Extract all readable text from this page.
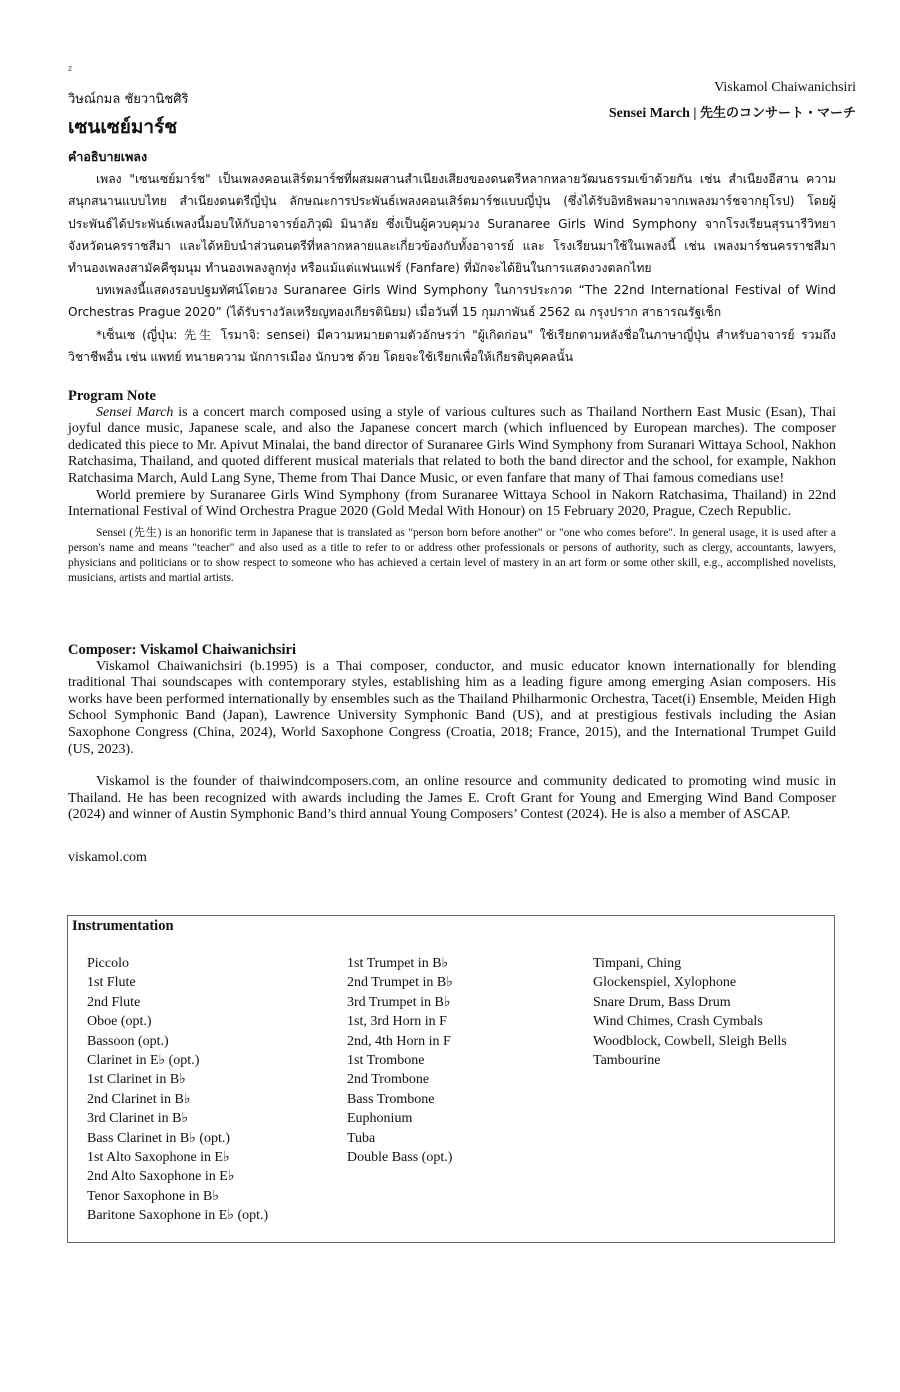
2
วิษณ์กมล ชัยวานิชศิริ
เซนเซย์มาร์ช
Viskamol Chaiwanichsiri
Sensei March | 先生のコンサート・マーチ
คำอธิบายเพลง

เพลง "เซนเซย์มาร์ช" เป็นเพลงคอนเสิร์ตมาร์ชที่ผสมผสานสำเนียงเสียงของดนตรีหลากหลายวัฒนธรรมเข้าด้วยกัน เช่น สำเนียงอีสาน ความสนุกสนานแบบไทย สำเนียงดนตรีญี่ปุ่น ลักษณะการประพันธ์เพลงคอนเสิร์ตมาร์ชแบบญี่ปุ่น (ซึ่งได้รับอิทธิพลมาจากเพลงมาร์ชจากยุโรป) โดยผู้ประพันธ์ได้ประพันธ์เพลงนี้มอบให้กับอาจารย์อภิวุฒิ มินาลัย ซึ่งเป็นผู้ควบคุมวง Suranaree Girls Wind Symphony จากโรงเรียนสุรนารีวิทยา จังหวัดนครราชสีมา และได้หยิบนำส่วนดนตรีที่หลากหลายและเกี่ยวข้องกับทั้งอาจารย์ และ โรงเรียนมาใช้ในเพลงนี้ เช่น เพลงมาร์ชนครราชสีมา ทำนองเพลงสามัคคีชุมนุม ทำนองเพลงลูกทุ่ง หรือแม้แต่แฟนแฟร์ (Fanfare) ที่มักจะได้ยินในการแสดงวงตลกไทย

บทเพลงนี้แสดงรอบปฐมทัศน์โดยวง Suranaree Girls Wind Symphony ในการประกวด “The 22nd International Festival of Wind Orchestras Prague 2020” (ได้รับรางวัลเหรียญทองเกียรตินิยม) เมื่อวันที่ 15 กุมภาพันธ์ 2562 ณ กรุงปราก สาธารณรัฐเช็ก

*เซ็นเซ (ญี่ปุ่น: 先生 โรมาจิ: sensei) มีความหมายตามตัวอักษรว่า "ผู้เกิดก่อน" ใช้เรียกตามหลังชื่อในภาษาญี่ปุ่น สำหรับอาจารย์ รวมถึงวิชาชีพอื่น เช่น แพทย์ ทนายความ นักการเมือง นักบวช ด้วย โดยจะใช้เรียกเพื่อให้เกียรติบุคคลนั้น

Program Note

Sensei March is a concert march composed using a style of various cultures such as Thailand Northern East Music (Esan), Thai joyful dance music, Japanese scale, and also the Japanese concert march (which influenced by European marches). The composer dedicated this piece to Mr. Apivut Minalai, the band director of Suranaree Girls Wind Symphony from Suranari Wittaya School, Nakhon Ratchasima, Thailand, and quoted different musical materials that related to both the band director and the school, for example, Nakhon Ratchasima March, Auld Lang Syne, Theme from Thai Dance Music, or even fanfare that many of Thai famous comedians use!

World premiere by Suranaree Girls Wind Symphony (from Suranaree Wittaya School in Nakorn Ratchasima, Thailand) in 22nd International Festival of Wind Orchestra Prague 2020 (Gold Medal With Honour) on 15 February 2020, Prague, Czech Republic.

Sensei (先生) is an honorific term in Japanese that is translated as "person born before another" or "one who comes before". In general usage, it is used after a person's name and means "teacher" and also used as a title to refer to or address other professionals or persons of authority, such as clergy, accountants, lawyers, physicians and politicians or to show respect to someone who has achieved a certain level of mastery in an art form or some other skill, e.g., accomplished novelists, musicians, artists and martial artists.

Composer: Viskamol Chaiwanichsiri

Viskamol Chaiwanichsiri (b.1995) is a Thai composer, conductor, and music educator known internationally for blending traditional Thai soundscapes with contemporary styles, establishing him as a leading figure among emerging Asian composers. His works have been performed internationally by ensembles such as the Thailand Philharmonic Orchestra, Tacet(i) Ensemble, Meiden High School Symphonic Band (Japan), Lawrence University Symphonic Band (US), and at prestigious festivals including the Asian Saxophone Congress (China, 2024), World Saxophone Congress (Croatia, 2018; France, 2015), and the International Trumpet Guild (US, 2023).

Viskamol is the founder of thaiwindcomposers.com, an online resource and community dedicated to promoting wind music in Thailand. He has been recognized with awards including the James E. Croft Grant for Young and Emerging Wind Band Composer (2024) and winner of Austin Symphonic Band’s third annual Young Composers’ Contest (2024). He is also a member of ASCAP.

viskamol.com
Instrumentation
Piccolo
1st Flute
2nd Flute
Oboe (opt.)
Bassoon (opt.)
Clarinet in E♭ (opt.)
1st Clarinet in B♭
2nd Clarinet in B♭
3rd Clarinet in B♭
Bass Clarinet in B♭ (opt.)
1st Alto Saxophone in E♭
2nd Alto Saxophone in E♭
Tenor Saxophone in B♭
Baritone Saxophone in E♭ (opt.)
1st Trumpet in B♭
2nd Trumpet in B♭
3rd Trumpet in B♭
1st, 3rd Horn in F
2nd, 4th Horn in F
1st Trombone
2nd Trombone
Bass Trombone
Euphonium
Tuba
Double Bass (opt.)
Timpani, Ching
Glockenspiel, Xylophone
Snare Drum, Bass Drum
Wind Chimes, Crash Cymbals
Woodblock, Cowbell, Sleigh Bells
Tambourine
